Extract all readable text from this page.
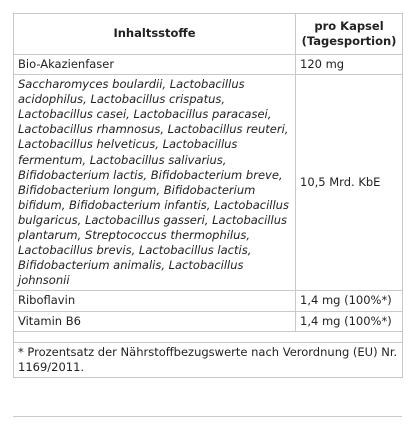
Inhaltsstoffe	pro Kapsel (Tagesportion)
Bio-Akazienfaser	120 mg
Saccharomyces boulardii, Lactobacillus acidophilus, Lactobacillus crispatus, Lactobacillus casei, Lactobacillus paracasei, Lactobacillus rhamnosus, Lactobacillus reuteri, Lactobacillus helveticus, Lactobacillus fermentum, Lactobacillus salivarius, Bifidobacterium lactis, Bifidobacterium breve, Bifidobacterium longum, Bifidobacterium bifidum, Bifidobacterium infantis, Lactobacillus bulgaricus, Lactobacillus gasseri, Lactobacillus plantarum, Streptococcus thermophilus, Lactobacillus brevis, Lactobacillus lactis, Bifidobacterium animalis, Lactobacillus johnsonii	10,5 Mrd. KbE
Riboflavin	1,4 mg (100%*)
Vitamin B6	1,4 mg (100%*)

* Prozentsatz der Nährstoffbezugswerte nach Verordnung (EU) Nr. 1169/2011.	
